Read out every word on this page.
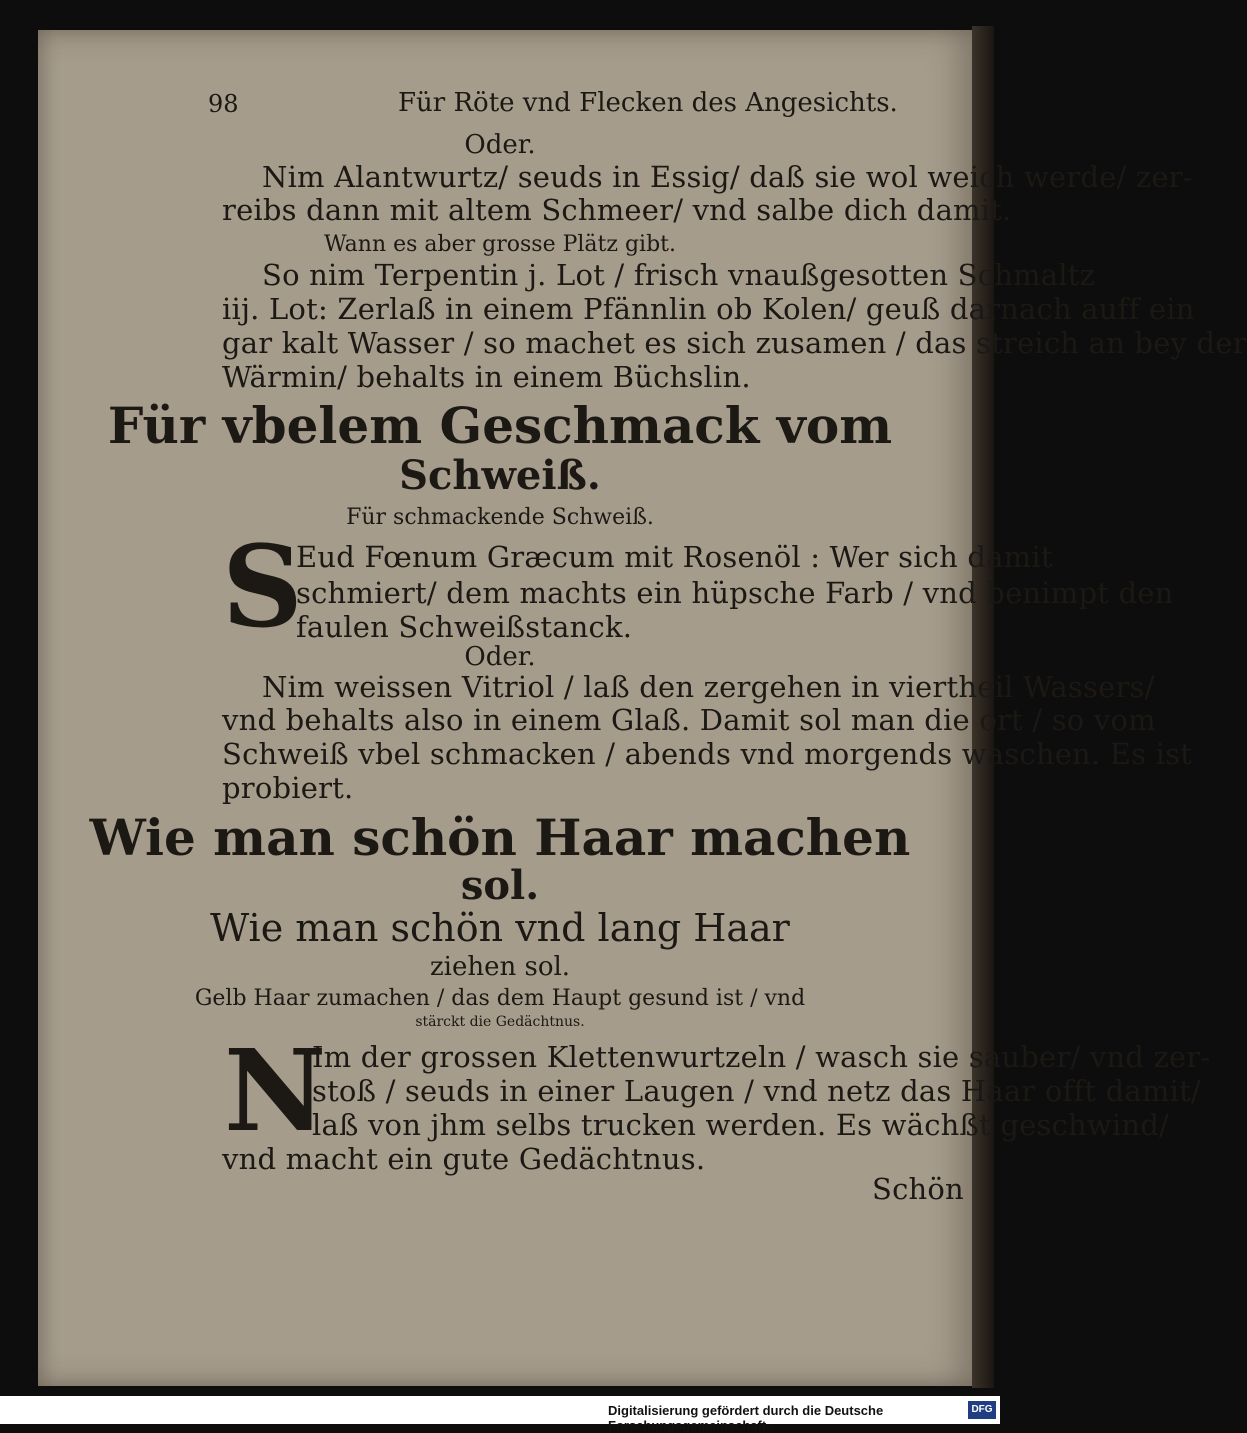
98	Für Röte vnd Flecken des Angesichts.
Oder.
Nim Alantwurtz/ seuds in Essig/ daß sie wol weich werde/ zer-
reibs dann mit altem Schmeer/ vnd salbe dich damit.
Wann es aber grosse Plätz gibt.
So nim Terpentin j. Lot / frisch vnaußgesotten Schmaltz
iij. Lot: Zerlaß in einem Pfännlin ob Kolen/ geuß darnach auff ein
gar kalt Wasser / so machet es sich zusamen / das streich an bey der
Wärmin/ behalts in einem Büchslin.
Für vbelem Geschmack vom
Schweiß.
Für schmackende Schweiß.
S
Eud Fœnum Græcum mit Rosenöl : Wer sich damit
schmiert/ dem machts ein hüpsche Farb / vnd benimpt den
faulen Schweißstanck.
Oder.
Nim weissen Vitriol / laß den zergehen in viertheil Wassers/
vnd behalts also in einem Glaß. Damit sol man die ort / so vom
Schweiß vbel schmacken / abends vnd morgends waschen. Es ist
probiert.
Wie man schön Haar machen
sol.
Wie man schön vnd lang Haar
ziehen sol.
Gelb Haar zumachen / das dem Haupt gesund ist / vnd
stärckt die Gedächtnus.
N
Im der grossen Klettenwurtzeln / wasch sie sauber/ vnd zer-
stoß / seuds in einer Laugen / vnd netz das Haar offt damit/
laß von jhm selbs trucken werden. Es wächßt geschwind/
vnd macht ein gute Gedächtnus.
Schön
Digitalisierung gefördert durch die Deutsche Forschungsgemeinschaft -
DFG
